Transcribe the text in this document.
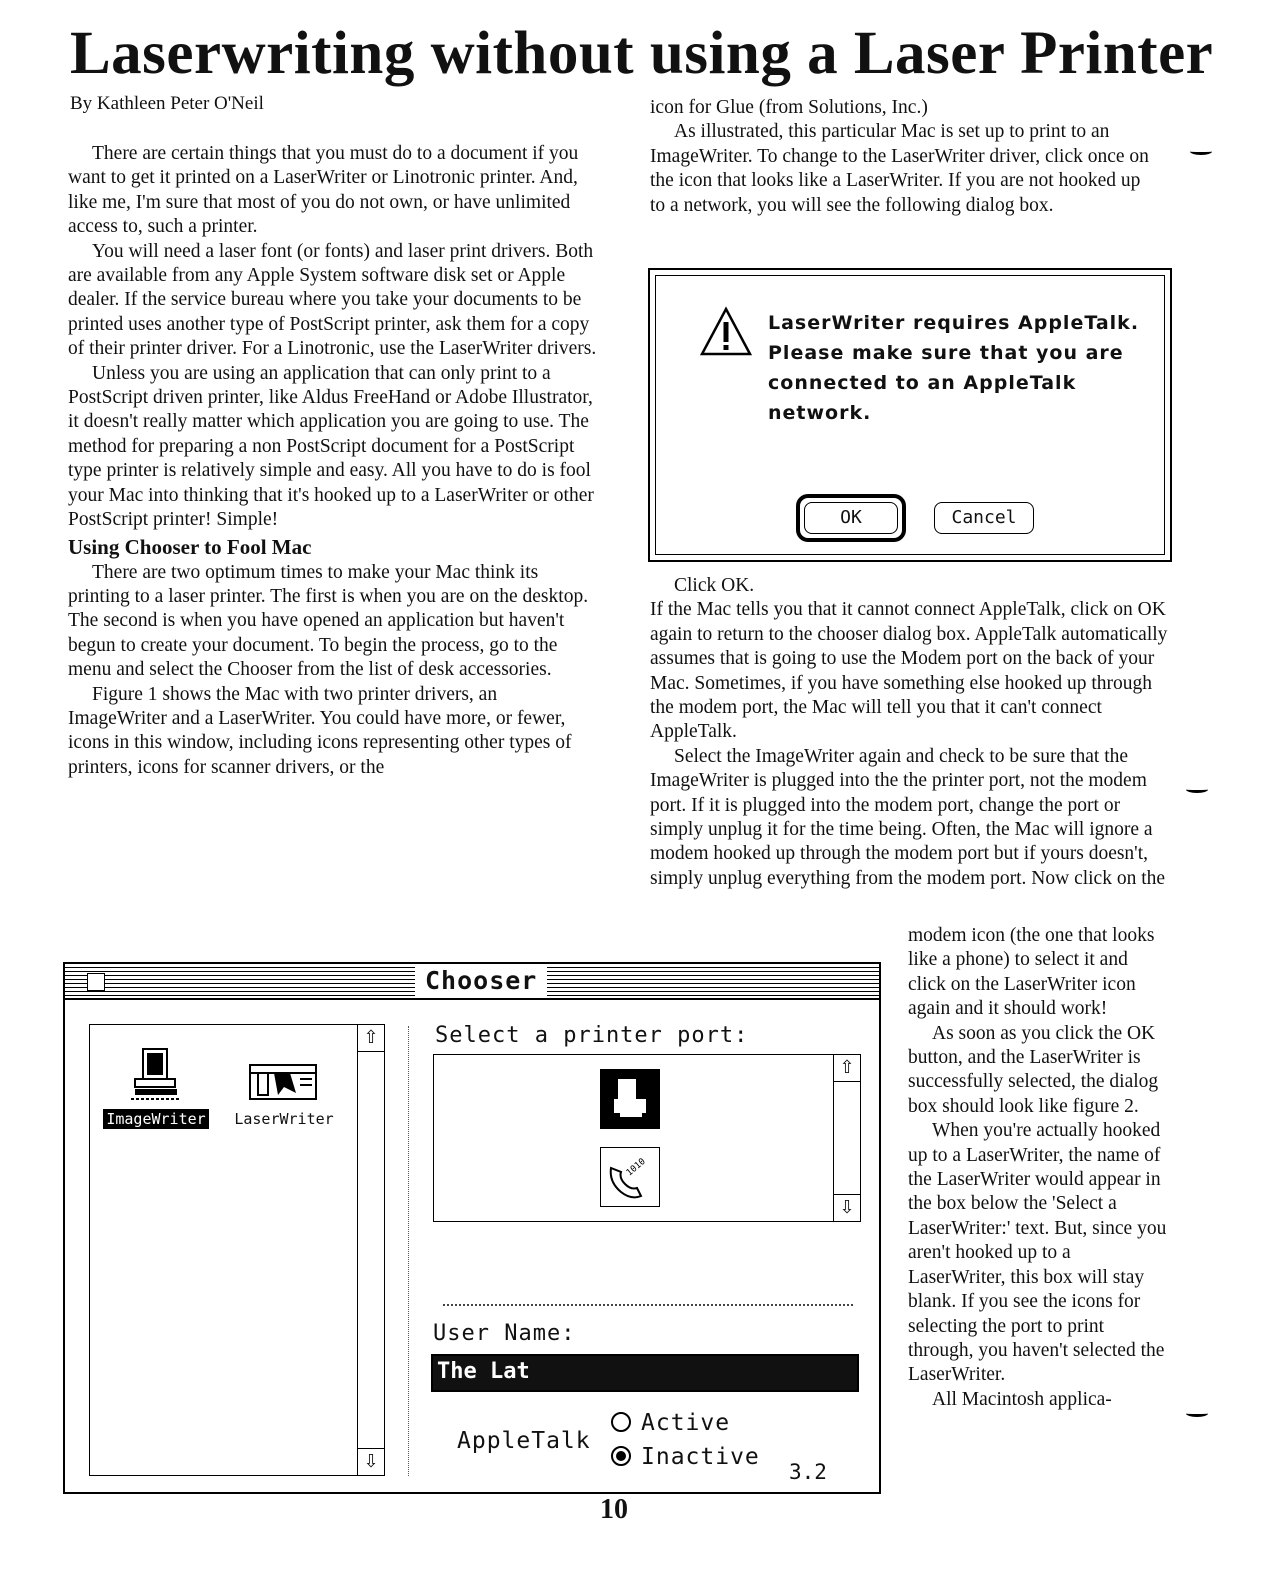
Laserwriting without using a Laser Printer
By Kathleen Peter O'Neil

There are certain things that you must do to a document if you want to get it printed on a LaserWriter or Linotronic printer. And, like me, I'm sure that most of you do not own, or have unlimited access to, such a printer.

You will need a laser font (or fonts) and laser print drivers. Both are available from any Apple System software disk set or Apple dealer. If the service bureau where you take your documents to be printed uses another type of PostScript printer, ask them for a copy of their printer driver. For a Linotronic, use the LaserWriter drivers.

Unless you are using an application that can only print to a PostScript driven printer, like Aldus FreeHand or Adobe Illustrator, it doesn't really matter which application you are going to use. The method for preparing a non PostScript document for a PostScript type printer is relatively simple and easy. All you have to do is fool your Mac into thinking that it's hooked up to a LaserWriter or other PostScript printer! Simple!

Using Chooser to Fool Mac

There are two optimum times to make your Mac think its printing to a laser printer. The first is when you are on the desktop. The second is when you have opened an application but haven't begun to create your document. To begin the process, go to the menu and select the Chooser from the list of desk accessories.

Figure 1 shows the Mac with two printer drivers, an ImageWriter and a LaserWriter. You could have more, or fewer, icons in this window, including icons representing other types of printers, icons for scanner drivers, or the

icon for Glue (from Solutions, Inc.)

As illustrated, this particular Mac is set up to print to an ImageWriter. To change to the LaserWriter driver, click once on the icon that looks like a LaserWriter. If you are not hooked up to a network, you will see the following dialog box.

LaserWriter requires AppleTalk. Please make sure that you are connected to an AppleTalk network.
OK	Cancel

Click OK.

If the Mac tells you that it cannot connect AppleTalk, click on OK again to return to the chooser dialog box. AppleTalk automatically assumes that is going to use the Modem port on the back of your Mac. Sometimes, if you have something else hooked up through the modem port, the Mac will tell you that it can't connect AppleTalk.

Select the ImageWriter again and check to be sure that the ImageWriter is plugged into the the printer port, not the modem port. If it is plugged into the modem port, change the port or simply unplug it for the time being. Often, the Mac will ignore a modem hooked up through the modem port but if yours doesn't, simply unplug everything from the modem port. Now click on the

modem icon (the one that looks like a phone) to select it and click on the LaserWriter icon again and it should work!

As soon as you click the OK button, and the LaserWriter is successfully selected, the dialog box should look like figure 2.

When you're actually hooked up to a LaserWriter, the name of the LaserWriter would appear in the box below the 'Select a LaserWriter:' text. But, since you aren't hooked up to a LaserWriter, this box will stay blank. If you see the icons for selecting the port to print through, you haven't selected the LaserWriter.

All Macintosh applica-

Chooser
ImageWriter	LaserWriter
⇧
⇩
Select a printer port:
1010
⇧
⇩
User Name:
The Lat
AppleTalk
Active
Inactive
3.2
10
